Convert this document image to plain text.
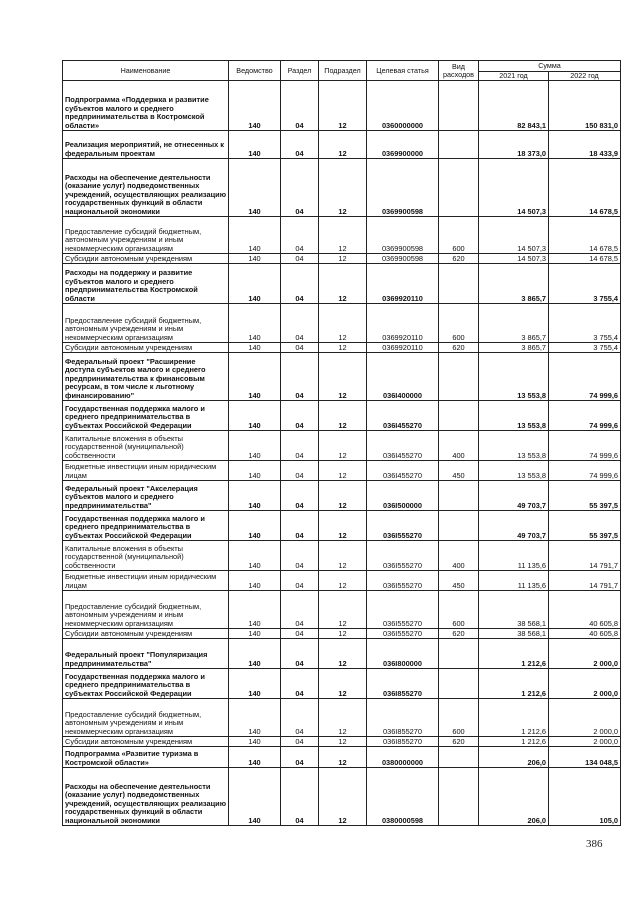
Наименование	Ведомство	Раздел	Подраздел	Целевая статья	Вид расходов	Сумма	
						2021 год	2022 год
Подпрограмма «Поддержка и развитие субъектов малого и среднего предпринимательства в Костромской области»	140	04	12	0360000000		82 843,1	150 831,0
Реализация мероприятий, не отнесенных к федеральным проектам	140	04	12	0369900000		18 373,0	18 433,9
Расходы на обеспечение деятельности (оказание услуг) подведомственных учреждений, осуществляющих реализацию государственных функций в области национальной экономики	140	04	12	0369900598		14 507,3	14 678,5
Предоставление субсидий бюджетным, автономным учреждениям и иным некоммерческим организациям	140	04	12	0369900598	600	14 507,3	14 678,5
Субсидии автономным учреждениям	140	04	12	0369900598	620	14 507,3	14 678,5
Расходы на поддержку и развитие субъектов малого и среднего предпринимательства Костромской области	140	04	12	0369920110		3 865,7	3 755,4
Предоставление субсидий бюджетным, автономным учреждениям и иным некоммерческим организациям	140	04	12	0369920110	600	3 865,7	3 755,4
Субсидии автономным учреждениям	140	04	12	0369920110	620	3 865,7	3 755,4
Федеральный проект "Расширение доступа субъектов малого и среднего предпринимательства к финансовым ресурсам, в том числе к льготному финансированию"	140	04	12	036I400000		13 553,8	74 999,6
Государственная поддержка малого и среднего предпринимательства в субъектах Российской Федерации	140	04	12	036I455270		13 553,8	74 999,6
Капитальные вложения в объекты государственной (муниципальной) собственности	140	04	12	036I455270	400	13 553,8	74 999,6
Бюджетные инвестиции иным юридическим лицам	140	04	12	036I455270	450	13 553,8	74 999,6
Федеральный проект "Акселерация субъектов малого и среднего предпринимательства"	140	04	12	036I500000		49 703,7	55 397,5
Государственная поддержка малого и среднего предпринимательства в субъектах Российской Федерации	140	04	12	036I555270		49 703,7	55 397,5
Капитальные вложения в объекты государственной (муниципальной) собственности	140	04	12	036I555270	400	11 135,6	14 791,7
Бюджетные инвестиции иным юридическим лицам	140	04	12	036I555270	450	11 135,6	14 791,7
Предоставление субсидий бюджетным, автономным учреждениям и иным некоммерческим организациям	140	04	12	036I555270	600	38 568,1	40 605,8
Субсидии автономным учреждениям	140	04	12	036I555270	620	38 568,1	40 605,8
Федеральный проект "Популяризация предпринимательства"	140	04	12	036I800000		1 212,6	2 000,0
Государственная поддержка малого и среднего предпринимательства в субъектах Российской Федерации	140	04	12	036I855270		1 212,6	2 000,0
Предоставление субсидий бюджетным, автономным учреждениям и иным некоммерческим организациям	140	04	12	036I855270	600	1 212,6	2 000,0
Субсидии автономным учреждениям	140	04	12	036I855270	620	1 212,6	2 000,0
Подпрограмма «Развитие туризма в Костромской области»	140	04	12	0380000000		206,0	134 048,5
Расходы на обеспечение деятельности (оказание услуг) подведомственных учреждений, осуществляющих реализацию государственных функций в области национальной экономики	140	04	12	0380000598		206,0	105,0
386
